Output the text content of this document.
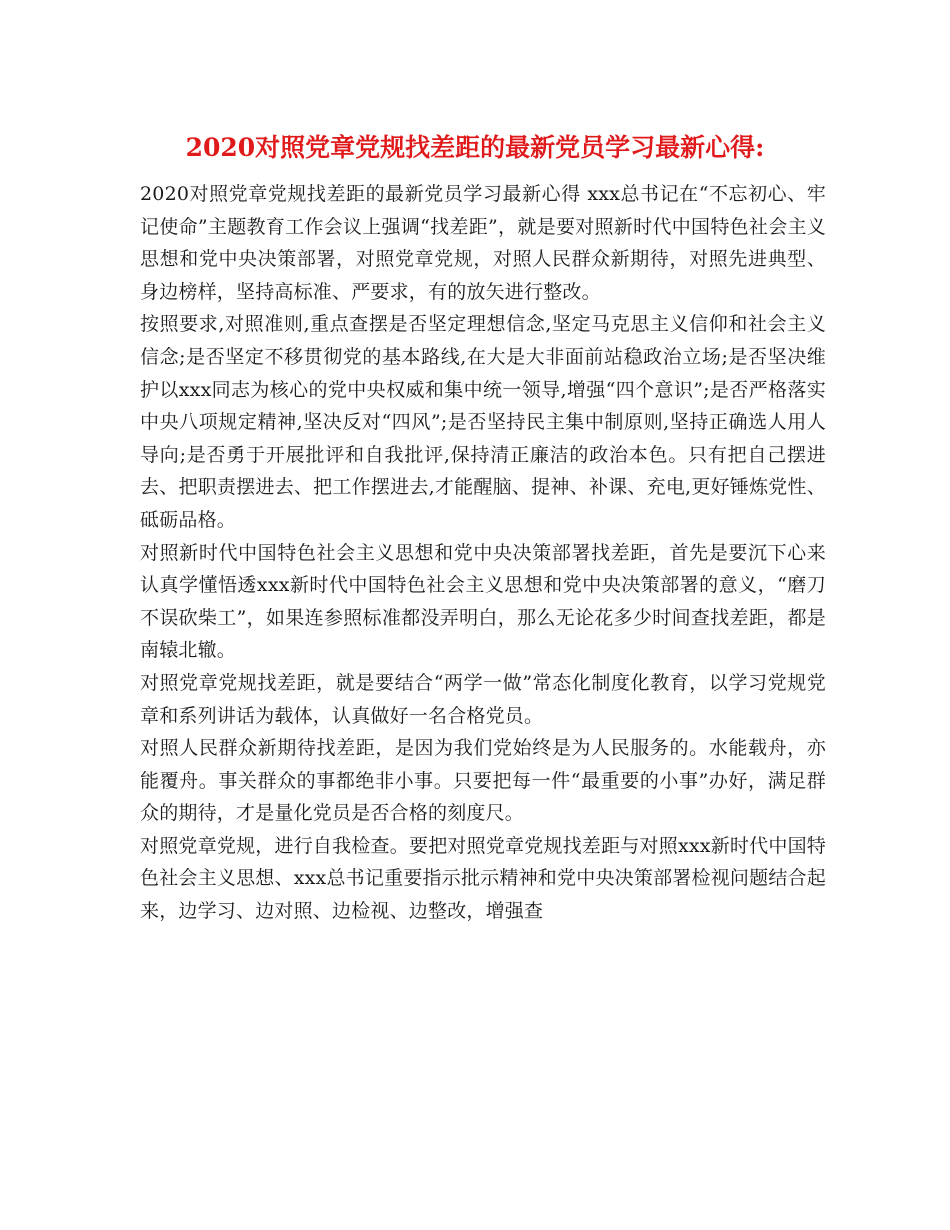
2020对照党章党规找差距的最新党员学习最新心得:

2020对照党章党规找差距的最新党员学习最新心得 xxx总书记在“不忘初心、牢记使命”主题教育工作会议上强调“找差距”，就是要对照新时代中国特色社会主义思想和党中央决策部署，对照党章党规，对照人民群众新期待，对照先进典型、身边榜样，坚持高标准、严要求，有的放矢进行整改。

按照要求,对照准则,重点查摆是否坚定理想信念,坚定马克思主义信仰和社会主义信念;是否坚定不移贯彻党的基本路线,在大是大非面前站稳政治立场;是否坚决维护以xxx同志为核心的党中央权威和集中统一领导,增强“四个意识”;是否严格落实中央八项规定精神,坚决反对“四风”;是否坚持民主集中制原则,坚持正确选人用人导向;是否勇于开展批评和自我批评,保持清正廉洁的政治本色。只有把自己摆进去、把职责摆进去、把工作摆进去,才能醒脑、提神、补课、充电,更好锤炼党性、砥砺品格。

对照新时代中国特色社会主义思想和党中央决策部署找差距，首先是要沉下心来认真学懂悟透xxx新时代中国特色社会主义思想和党中央决策部署的意义，“磨刀不误砍柴工”，如果连参照标准都没弄明白，那么无论花多少时间查找差距，都是南辕北辙。

对照党章党规找差距，就是要结合“两学一做”常态化制度化教育，以学习党规党章和系列讲话为载体，认真做好一名合格党员。

对照人民群众新期待找差距，是因为我们党始终是为人民服务的。水能载舟，亦能覆舟。事关群众的事都绝非小事。只要把每一件“最重要的小事”办好，满足群众的期待，才是量化党员是否合格的刻度尺。

对照党章党规，进行自我检查。要把对照党章党规找差距与对照xxx新时代中国特色社会主义思想、xxx总书记重要指示批示精神和党中央决策部署检视问题结合起来，边学习、边对照、边检视、边整改，增强查
